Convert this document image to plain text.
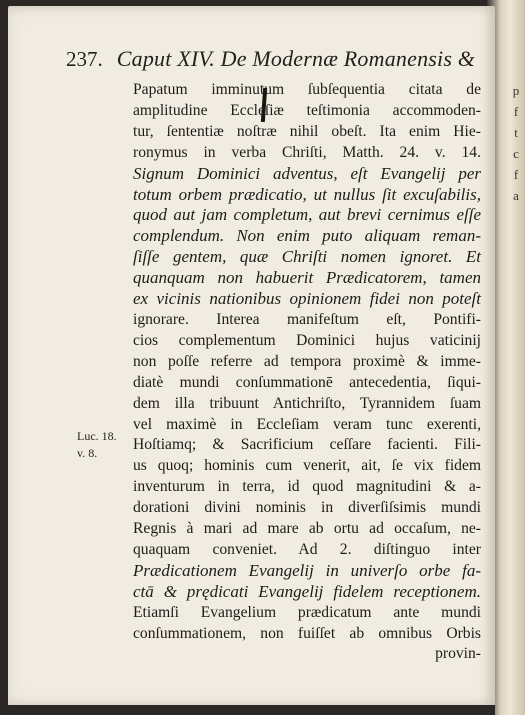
p
f
t
c
f
a
237. Caput XIV. De Modernæ Romanensis &
Luc. 18.
v. 8.
Papatum imminutum ſubſequentia citata de
amplitudine Eccleſiæ teſtimonia accommoden-
tur, ſententiæ noſtræ nihil obeſt. Ita enim Hie-
ronymus in verba Chriſti, Matth. 24. v. 14.
Signum Dominici adventus, eſt Evangelij per
totum orbem prædicatio, ut nullus ſit excuſabilis,
quod aut jam completum, aut brevi cernimus eſſe
complendum. Non enim puto aliquam reman-
ſiſſe gentem, quæ Chriſti nomen ignoret. Et
quanquam non habuerit Prædicatorem, tamen
ex vicinis nationibus opinionem fidei non poteſt
ignorare. Interea manifeſtum eſt, Pontifi-
cios complementum Dominici hujus vaticinij
non poſſe referre ad tempora proximè & imme-
diatè mundi conſummationē antecedentia, ſiqui-
dem illa tribuunt Antichriſto, Tyrannidem ſuam
vel maximè in Eccleſiam veram tunc exerenti,
Hoſtiamq; & Sacrificium ceſſare facienti. Fili-
us quoq; hominis cum venerit, ait, ſe vix fidem
inventurum in terra, id quod magnitudini & a-
dorationi divini nominis in diverſiſsimis mundi
Regnis à mari ad mare ab ortu ad occaſum, ne-
quaquam conveniet. Ad 2. diſtinguo inter
Prædicationem Evangelij in univerſo orbe fa-
ctā & prędicati Evangelij fidelem receptionem.
Etiamſi Evangelium prædicatum ante mundi
conſummationem, non fuiſſet ab omnibus Orbis
provin-
